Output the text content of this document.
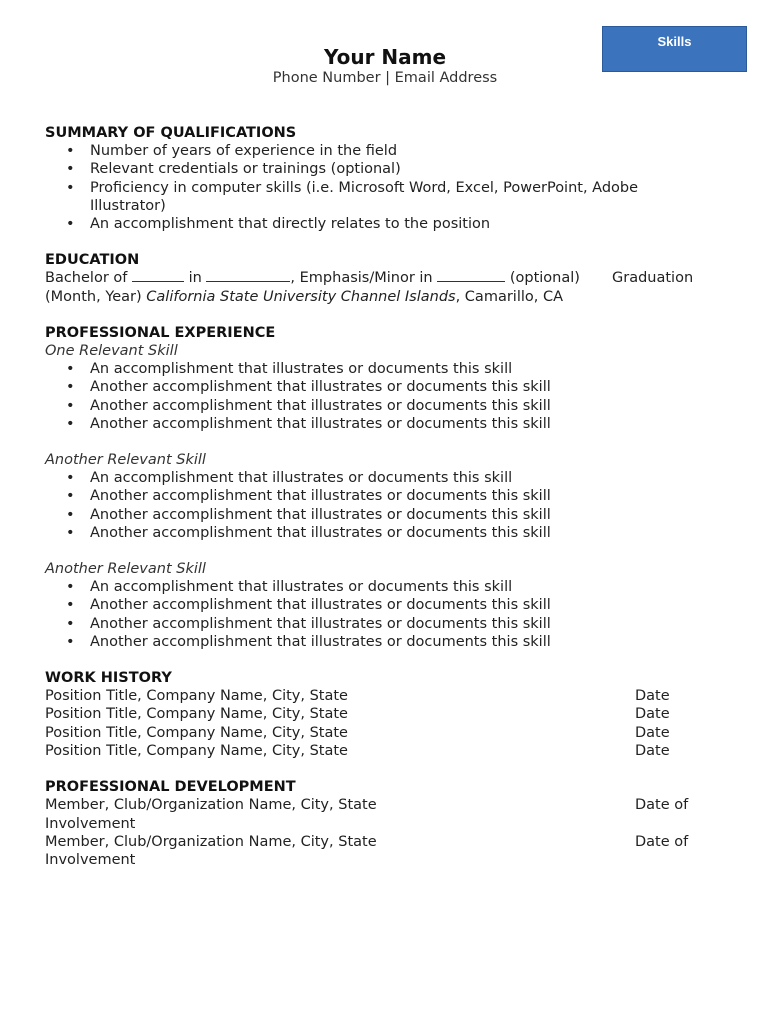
Skills
Your Name
Phone Number | Email Address
SUMMARY OF QUALIFICATIONS
• Number of years of experience in the field
• Relevant credentials or trainings (optional)
• Proficiency in computer skills (i.e. Microsoft Word, Excel, PowerPoint, Adobe Illustrator)
• An accomplishment that directly relates to the position
EDUCATION
Bachelor of	in	, Emphasis/Minor in	(optional) Graduation
(Month, Year) California State University Channel Islands, Camarillo, CA
PROFESSIONAL EXPERIENCE
One Relevant Skill
• An accomplishment that illustrates or documents this skill
• Another accomplishment that illustrates or documents this skill
• Another accomplishment that illustrates or documents this skill
• Another accomplishment that illustrates or documents this skill
Another Relevant Skill
• An accomplishment that illustrates or documents this skill
• Another accomplishment that illustrates or documents this skill
• Another accomplishment that illustrates or documents this skill
• Another accomplishment that illustrates or documents this skill
Another Relevant Skill
• An accomplishment that illustrates or documents this skill
• Another accomplishment that illustrates or documents this skill
• Another accomplishment that illustrates or documents this skill
• Another accomplishment that illustrates or documents this skill
WORK HISTORY
Position Title, Company Name, City, State	Date
Position Title, Company Name, City, State	Date
Position Title, Company Name, City, State	Date
Position Title, Company Name, City, State	Date
PROFESSIONAL DEVELOPMENT
Member, Club/Organization Name, City, State	Date of
Involvement
Member, Club/Organization Name, City, State	Date of
Involvement
